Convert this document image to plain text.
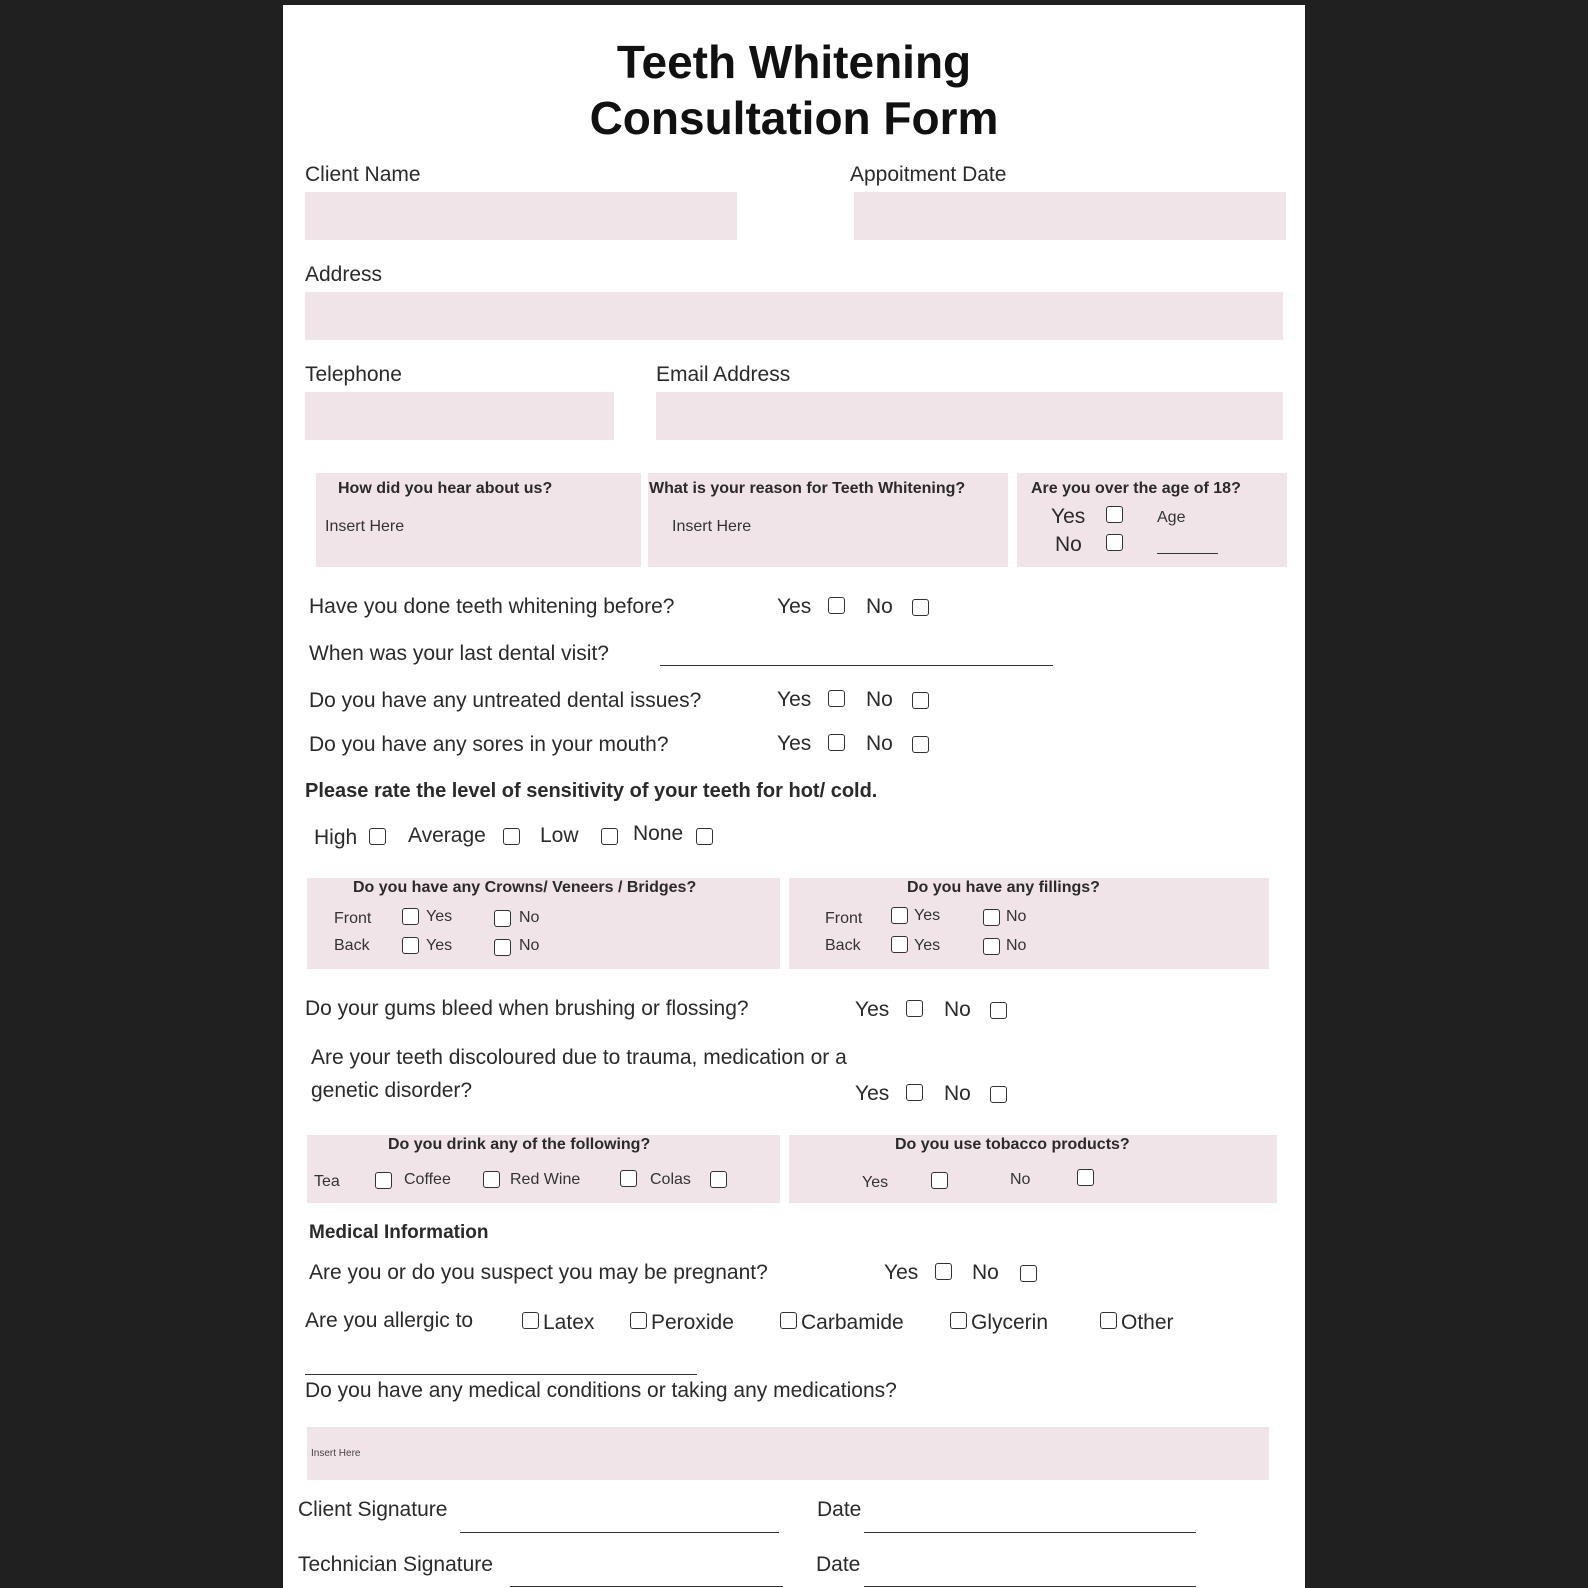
Teeth Whitening
Consultation Form
Client Name	Appoitment Date
Address
Telephone	Email Address
How did you hear about us?
Insert Here
What is your reason for Teeth Whitening?
Insert Here
Are you over the age of 18?
Yes
No
Age
Have you done teeth whitening before?	Yes	No
When was your last dental visit?
Do you have any untreated dental issues?	Yes	No
Do you have any sores in your mouth?	Yes	No
Please rate the level of sensitivity of your teeth for hot/ cold.
High Average	Low	None
Do you have any Crowns/ Veneers / Bridges?
Front	Yes	No
Back	Yes	No
Do you have any fillings?
Front	Yes	No
Back	Yes	No
Do your gums bleed when brushing or flossing?	Yes	No
Are your teeth discoloured due to trauma, medication or a
genetic disorder?	Yes	No
Do you drink any of the following?
Tea	Coffee	Red Wine	Colas
Do you use tobacco products?
Yes	No
Medical Information
Are you or do you suspect you may be pregnant?	Yes	No
Are you allergic to	Latex	Peroxide	Carbamide	Glycerin	Other
Do you have any medical conditions or taking any medications?
Insert Here
Client Signature	Date
Technician Signature	Date
